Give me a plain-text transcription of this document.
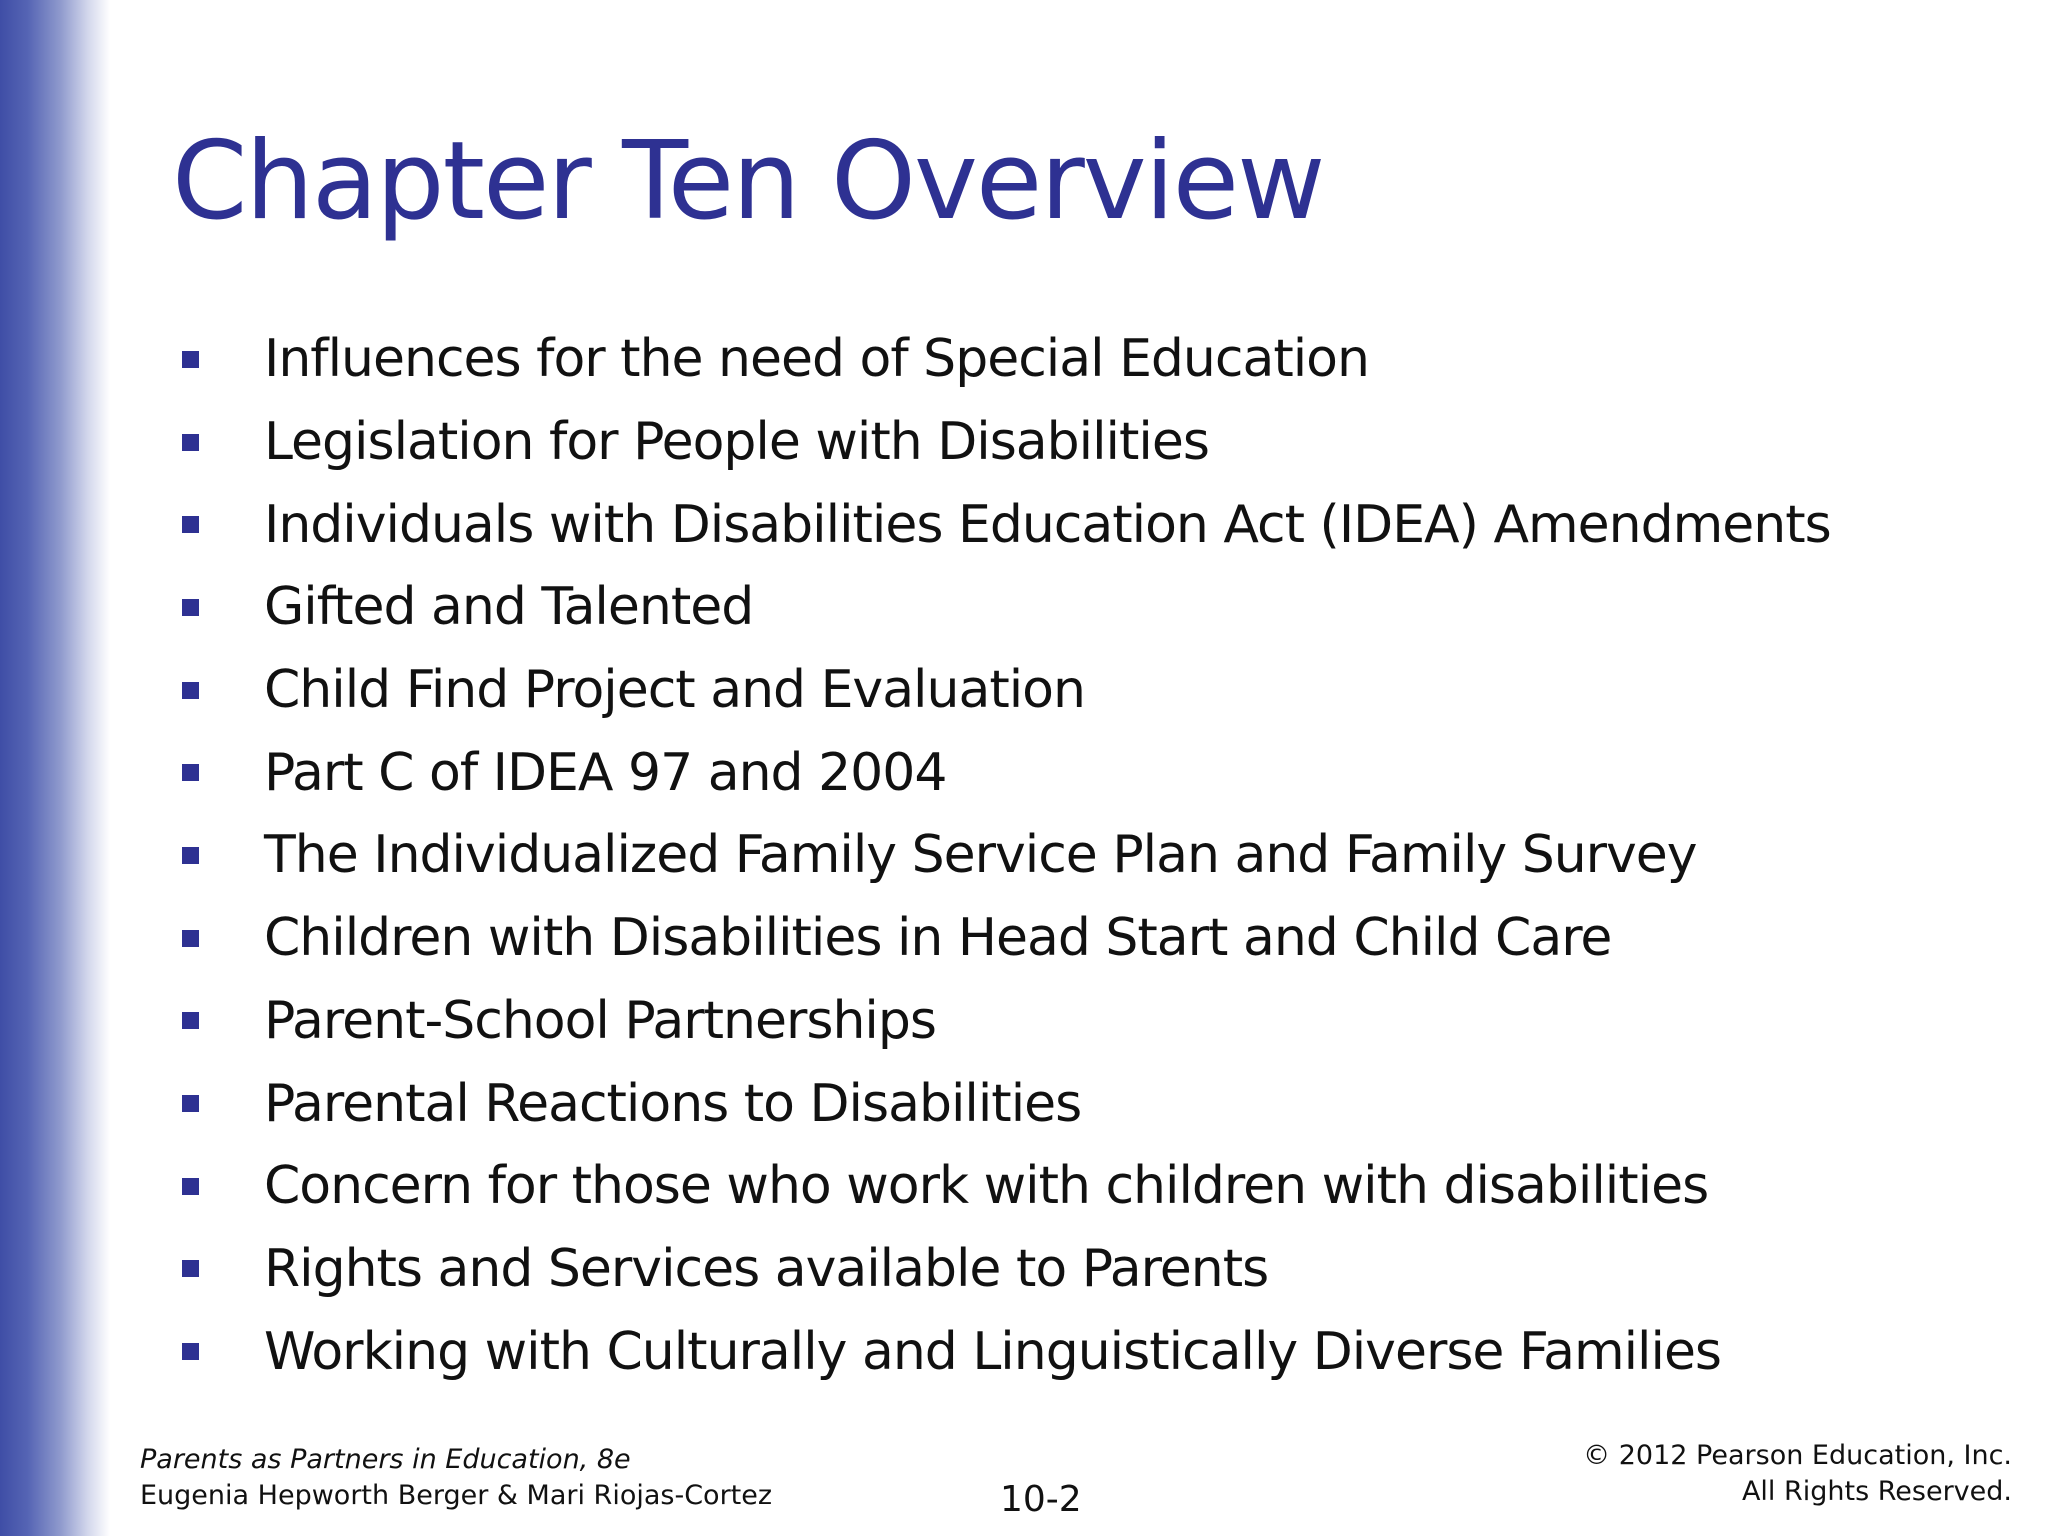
Chapter Ten Overview
Influences for the need of Special Education
Legislation for People with Disabilities
Individuals with Disabilities Education Act (IDEA) Amendments
Gifted and Talented
Child Find Project and Evaluation
Part C of IDEA 97 and 2004
The Individualized Family Service Plan and Family Survey
Children with Disabilities in Head Start and Child Care
Parent-School Partnerships
Parental Reactions to Disabilities
Concern for those who work with children with disabilities
Rights and Services available to Parents
Working with Culturally and Linguistically Diverse Families
Parents as Partners in Education, 8e
Eugenia Hepworth Berger & Mari Riojas-Cortez	10-2
© 2012 Pearson Education, Inc.
All Rights Reserved.
